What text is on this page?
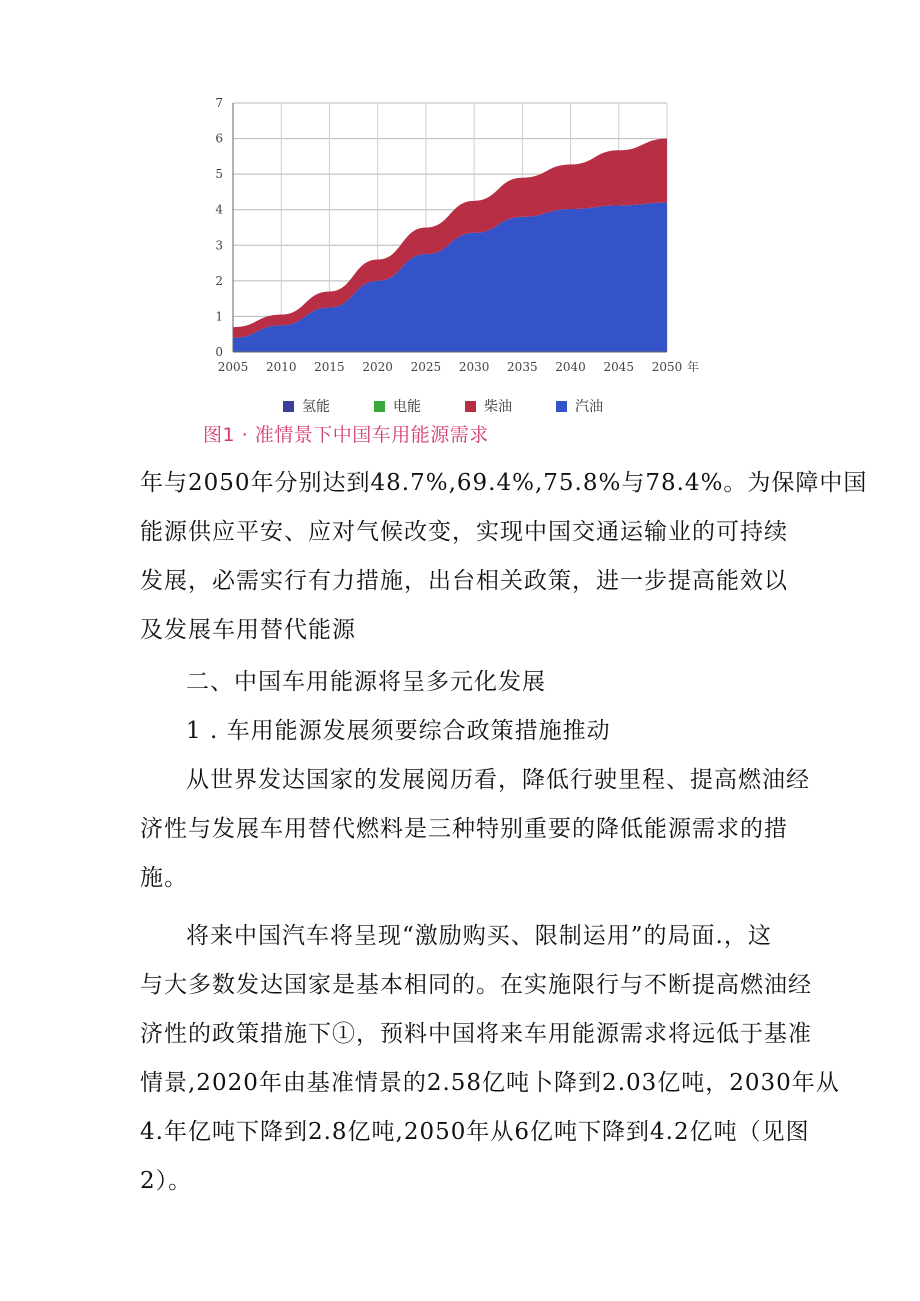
0
1
2
3
4
5
6
7
2005 2010 2015 2020 2025 2030 2035 2040 2045 2050 年
氢能	电能	柴油	汽油
图1 · 准情景下中国车用能源需求
年与2050年分别达到48.7%,69.4%,75.8%与78.4%。为保障中国
能源供应平安、应对气候改变，实现中国交通运输业的可持续
发展，必需实行有力措施，出台相关政策，进一步提高能效以
及发展车用替代能源
二、中国车用能源将呈多元化发展
1 . 车用能源发展须要综合政策措施推动
从世界发达国家的发展阅历看，降低行驶里程、提高燃油经
济性与发展车用替代燃料是三种特别重要的降低能源需求的措
施。
将来中国汽车将呈现“激励购买、限制运用”的局面.，这
与大多数发达国家是基本相同的。在实施限行与不断提高燃油经
济性的政策措施下①，预料中国将来车用能源需求将远低于基准
情景,2020年由基准情景的2.58亿吨卜降到2.03亿吨，2030年从
4.年亿吨下降到2.8亿吨,2050年从6亿吨下降到4.2亿吨（见图
2）。
